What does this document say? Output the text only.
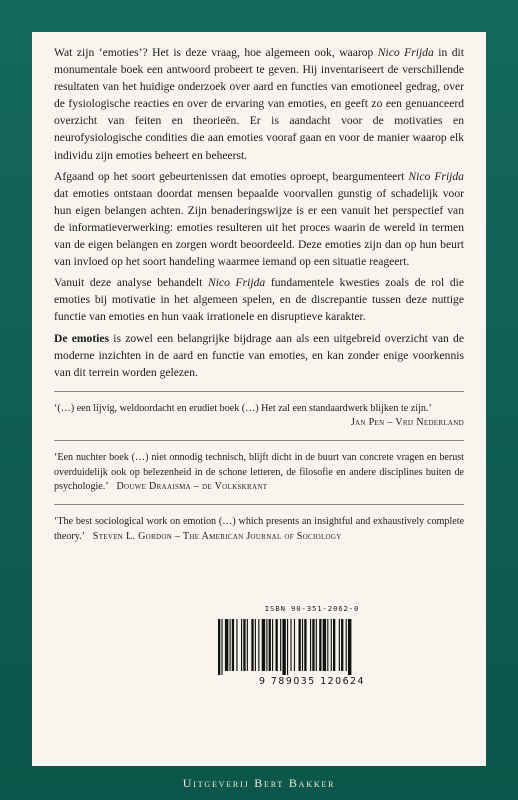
Wat zijn ‘emoties’? Het is deze vraag, hoe algemeen ook, waarop Nico Frijda in dit monumentale boek een antwoord probeert te geven. Hij inventariseert de verschillende resultaten van het huidige onderzoek over aard en functies van emotioneel gedrag, over de fysiologische reacties en over de ervaring van emoties, en geeft zo een genuanceerd overzicht van feiten en theorieën. Er is aandacht voor de motivaties en neurofysiologische condities die aan emoties vooraf gaan en voor de manier waarop elk individu zijn emoties beheert en beheerst.

Afgaand op het soort gebeurtenissen dat emoties oproept, beargumenteert Nico Frijda dat emoties ontstaan doordat mensen bepaalde voorvallen gunstig of schadelijk voor hun eigen belangen achten. Zijn benaderingswijze is er een vanuit het perspectief van de informatieverwerking: emoties resulteren uit het proces waarin de wereld in termen van de eigen belangen en zorgen wordt beoordeeld. Deze emoties zijn dan op hun beurt van invloed op het soort handeling waarmee iemand op een situatie reageert.

Vanuit deze analyse behandelt Nico Frijda fundamentele kwesties zoals de rol die emoties bij motivatie in het algemeen spelen, en de discrepantie tussen deze nuttige functie van emoties en hun vaak irrationele en disruptieve karakter.

De emoties is zowel een belangrijke bijdrage aan als een uitgebreid overzicht van de moderne inzichten in de aard en functie van emoties, en kan zonder enige voorkennis van dit terrein worden gelezen.

‘(…) een lijvig, weldoordacht en erudiet boek (…) Het zal een standaardwerk blijken te zijn.’
Jan Pen – Vrij Nederland
‘Een nuchter boek (…) niet onnodig technisch, blijft dicht in de buurt van concrete vragen en berust overduidelijk ook op belezenheid in de schone letteren, de filosofie en andere disciplines buiten de psychologie.’ Douwe Draaisma – de Volkskrant
‘The best sociological work on emotion (…) which presents an insightful and exhaustively complete theory.’ Steven L. Gordon – The American Journal of Sociology
ISBN 90-351-2062-0
9 789035 120624
Uitgeverij Bert Bakker
